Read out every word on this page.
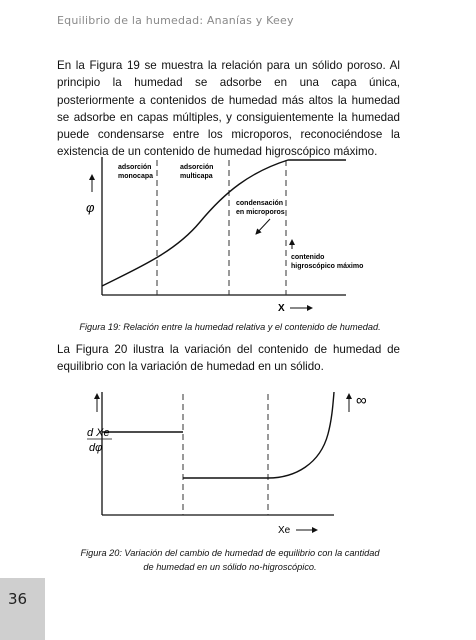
Equilibrio de la humedad: Ananías y Keey

En la Figura 19 se muestra la relación para un sólido poroso. Al principio la humedad se adsorbe en una capa única, posteriormente a contenidos de humedad más altos la humedad se adsorbe en capas múltiples, y consiguientemente la humedad puede condensarse entre los microporos, reconociéndose la existencia de un contenido de humedad higroscópico máximo.

φ
adsorción
monocapa
adsorción
multicapa
condensación
en microporos
contenido
higroscópico máximo
X
Figura 19: Relación entre la humedad relativa y el contenido de humedad.

La Figura 20 ilustra la variación del contenido de humedad de equilibrio con la variación de humedad en un sólido.

d Xe
dφ
∞
Xe
Figura 20: Variación del cambio de humedad de equilibrio con la cantidad
de humedad en un sólido no-higroscópico.
36
